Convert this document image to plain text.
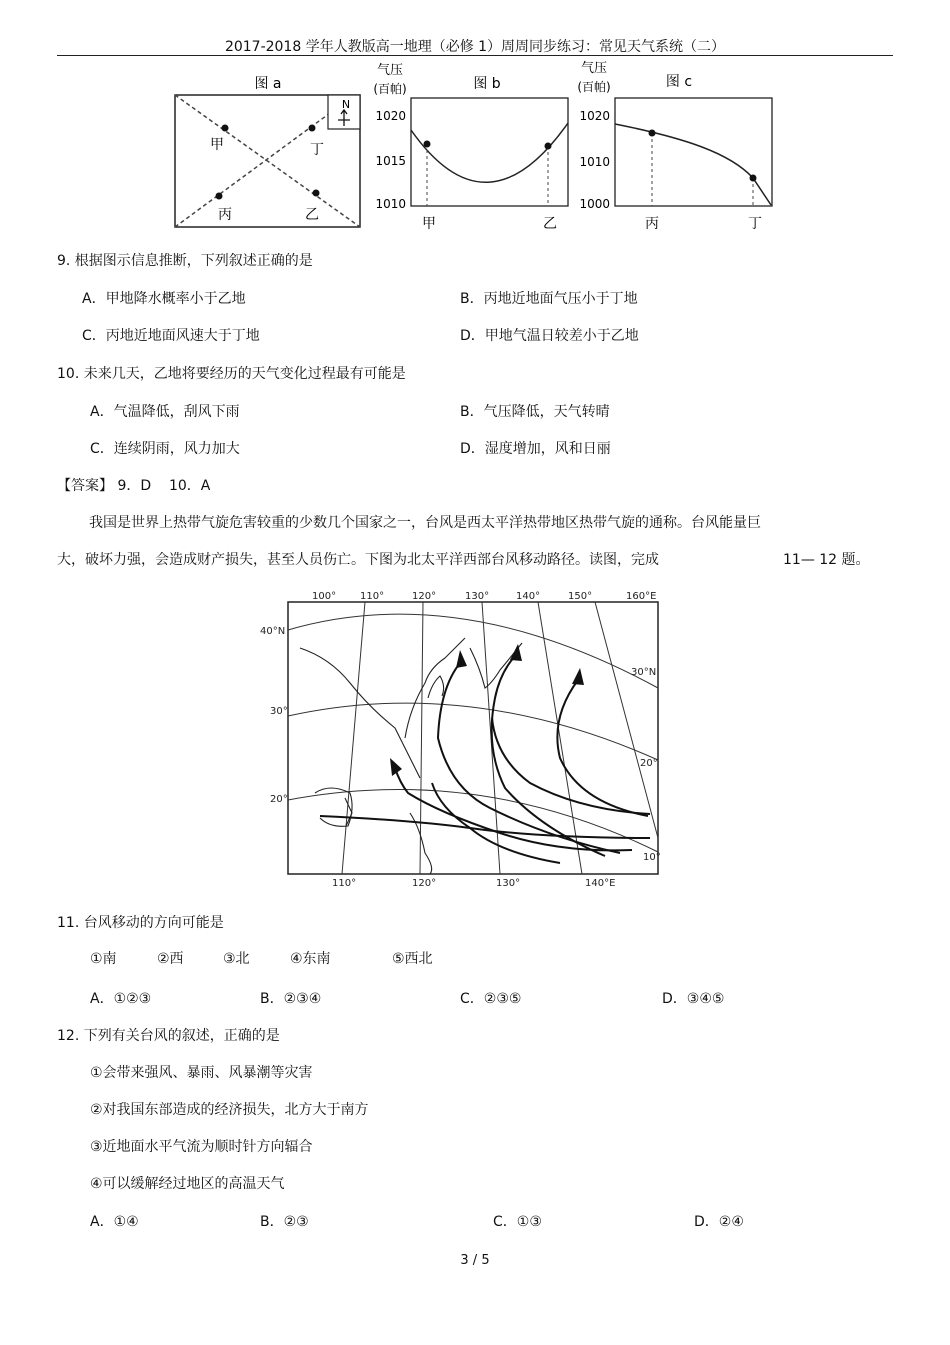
2017-2018 学年人教版高一地理（必修 1）周周同步练习：常见天气系统（二）
图 a
N
甲	丁
丙	乙
气压
(百帕)	图 b
1020
1015
1010
甲	乙
气压
(百帕)	图 c
1020
1010
1000
丙	丁
9. 根据图示信息推断，下列叙述正确的是
A．甲地降水概率小于乙地	B．丙地近地面气压小于丁地
C．丙地近地面风速大于丁地	D．甲地气温日较差小于乙地
10. 未来几天，乙地将要经历的天气变化过程最有可能是
A．气温降低，刮风下雨	B．气压降低，天气转晴
C．连续阴雨，风力加大	D．湿度增加，风和日丽
【答案】 9．D    10．A
我国是世界上热带气旋危害较重的少数几个国家之一，台风是西太平洋热带地区热带气旋的通称。台风能量巨
大，破坏力强，会造成财产损失，甚至人员伤亡。下图为北太平洋西部台风移动路径。读图，完成	11— 12 题。
100° 110°	120°	130°	140°	150°	160°E
110°	120°	130°	140°E
40°N
30°
20°
30°N
20°
10°
11. 台风移动的方向可能是
①南	②西	③北	④东南	⑤西北
A．①②③	B．②③④	C．②③⑤	D．③④⑤
12. 下列有关台风的叙述，正确的是
①会带来强风、暴雨、风暴潮等灾害
②对我国东部造成的经济损失，北方大于南方
③近地面水平气流为顺时针方向辐合
④可以缓解经过地区的高温天气
A．①④	B．②③	C．①③	D．②④
3 / 5
